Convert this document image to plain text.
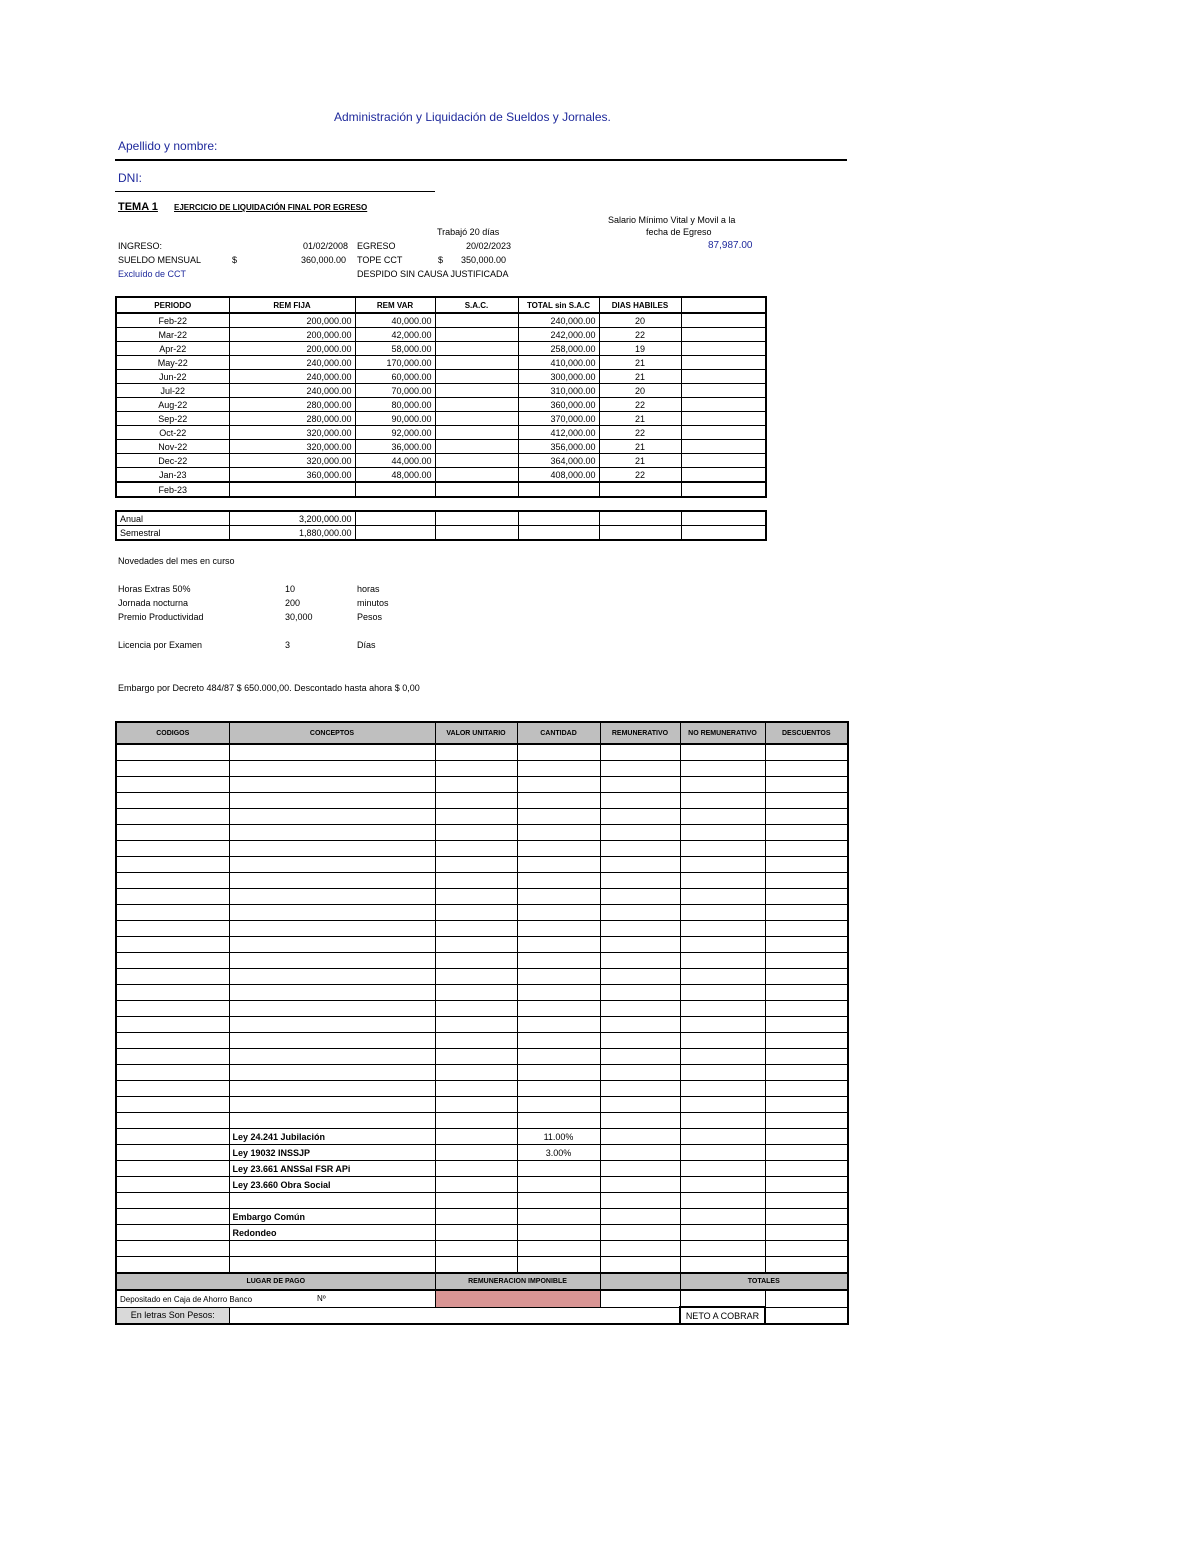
Administración y Liquidación de Sueldos y Jornales.
Apellido y nombre:
DNI:
TEMA 1 EJERCICIO DE LIQUIDACIÓN FINAL POR EGRESO
Salario Mínimo Vital y Movil a la
fecha de Egreso
87,987.00
Trabajó 20 días
INGRESO:	01/02/2008 EGRESO	20/02/2023
SUELDO MENSUAL	$	360,000.00 TOPE CCT	$ 350,000.00
Excluído de CCT	DESPIDO SIN CAUSA JUSTIFICADA
PERIODO	REM FIJA	REM VAR	S.A.C.	TOTAL sin S.A.C	DIAS HABILES	
Feb-22	200,000.00	40,000.00		240,000.00	20	
Mar-22	200,000.00	42,000.00		242,000.00	22	
Apr-22	200,000.00	58,000.00		258,000.00	19	
May-22	240,000.00	170,000.00		410,000.00	21	
Jun-22	240,000.00	60,000.00		300,000.00	21	
Jul-22	240,000.00	70,000.00		310,000.00	20	
Aug-22	280,000.00	80,000.00		360,000.00	22	
Sep-22	280,000.00	90,000.00		370,000.00	21	
Oct-22	320,000.00	92,000.00		412,000.00	22	
Nov-22	320,000.00	36,000.00		356,000.00	21	
Dec-22	320,000.00	44,000.00		364,000.00	21	
Jan-23	360,000.00	48,000.00		408,000.00	22	
Feb-23						
Anual	3,200,000.00					
Semestral	1,880,000.00					
Novedades del mes en curso
Horas Extras 50%	10	horas
Jornada nocturna	200	minutos
Premio Productividad	30,000	Pesos
Licencia por Examen	3	Días
Embargo por Decreto 484/87 $ 650.000,00. Descontado hasta ahora $ 0,00
CODIGOS	CONCEPTOS	VALOR UNITARIO	CANTIDAD	REMUNERATIVO	NO REMUNERATIVO	DESCUENTOS

	Ley 24.241 Jubilación		11.00%			
	Ley 19032 INSSJP		3.00%			
	Ley 23.661 ANSSal FSR APi					
	Ley 23.660 Obra Social					

	Embargo Común					
	Redondeo					

LUGAR DE PAGO		REMUNERACION IMPONIBLE			TOTALES	
Depositado en Caja de Ahorro Banco Nº						

En letras Son Pesos:					NETO A COBRAR	
